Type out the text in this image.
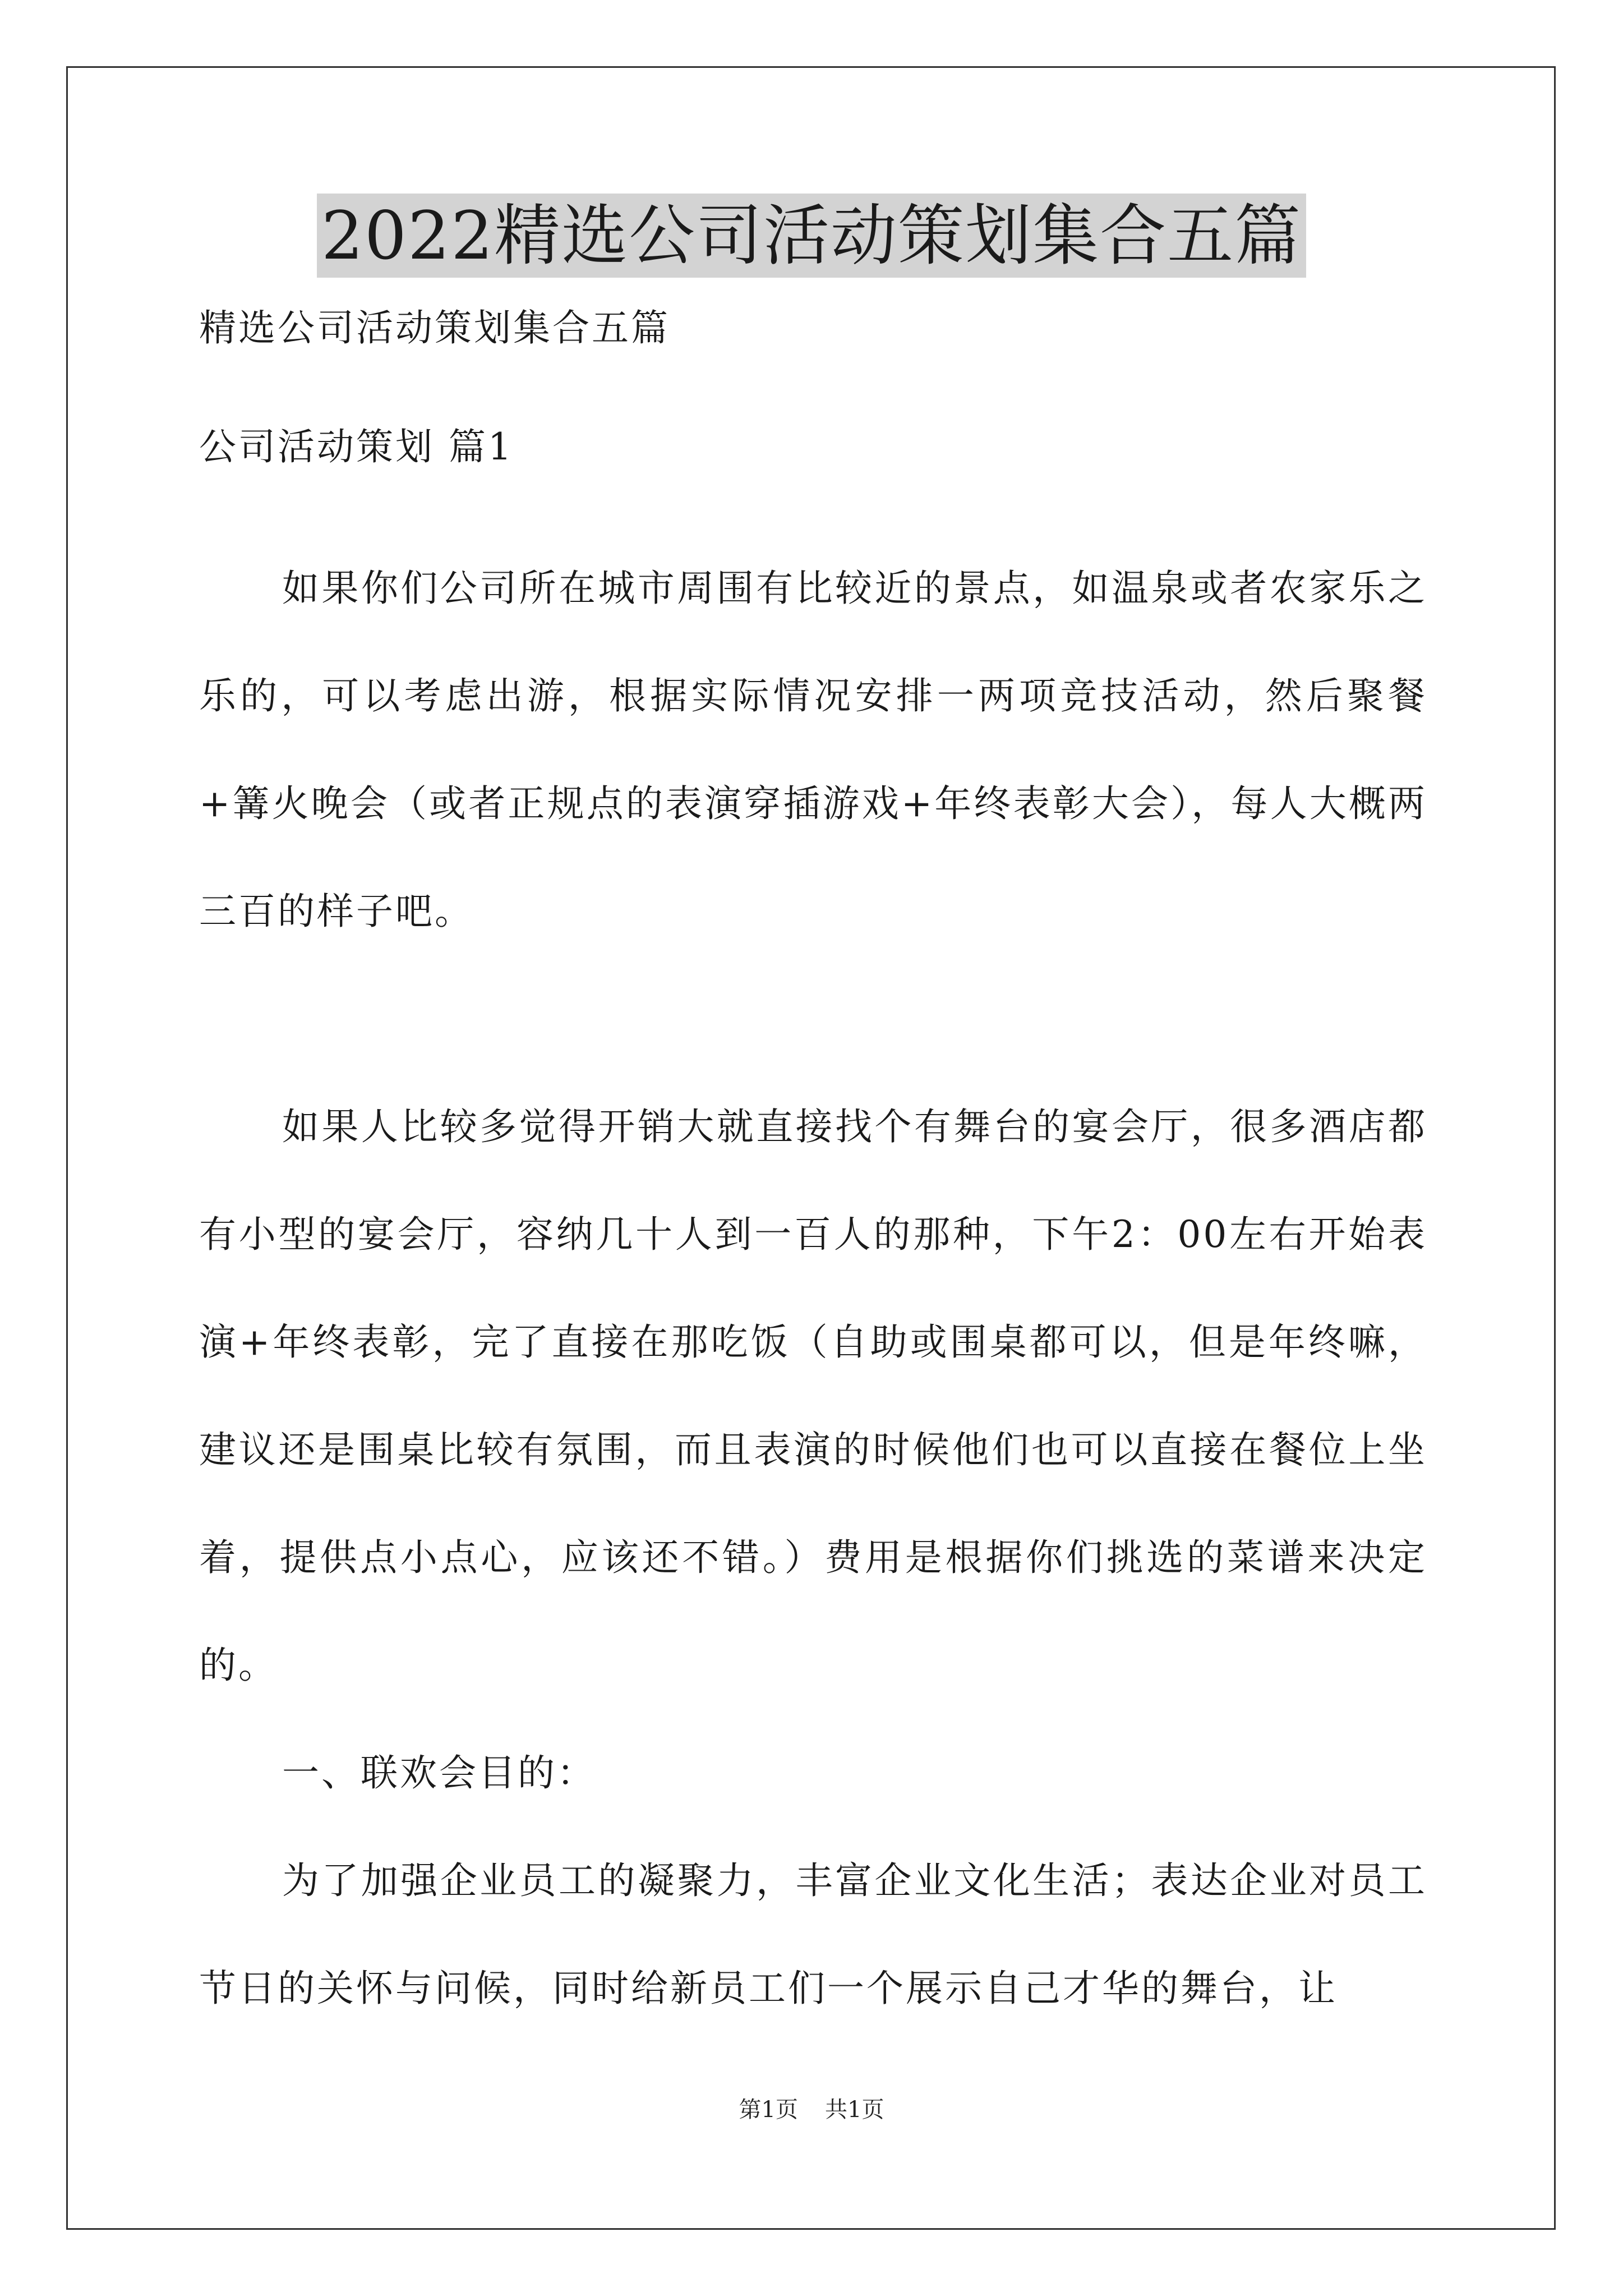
2022精选公司活动策划集合五篇

精选公司活动策划集合五篇

公司活动策划 篇1

如果你们公司所在城市周围有比较近的景点，如温泉或者农家乐之乐的，可以考虑出游，根据实际情况安排一两项竞技活动，然后聚餐+篝火晚会（或者正规点的表演穿插游戏+年终表彰大会），每人大概两三百的样子吧。

如果人比较多觉得开销大就直接找个有舞台的宴会厅，很多酒店都有小型的宴会厅，容纳几十人到一百人的那种，下午2：00左右开始表演+年终表彰，完了直接在那吃饭（自助或围桌都可以，但是年终嘛，建议还是围桌比较有氛围，而且表演的时候他们也可以直接在餐位上坐着，提供点小点心，应该还不错。）费用是根据你们挑选的菜谱来决定的。

一、联欢会目的：

为了加强企业员工的凝聚力，丰富企业文化生活；表达企业对员工节日的关怀与问候，同时给新员工们一个展示自己才华的舞台，让

第1页 共1页
